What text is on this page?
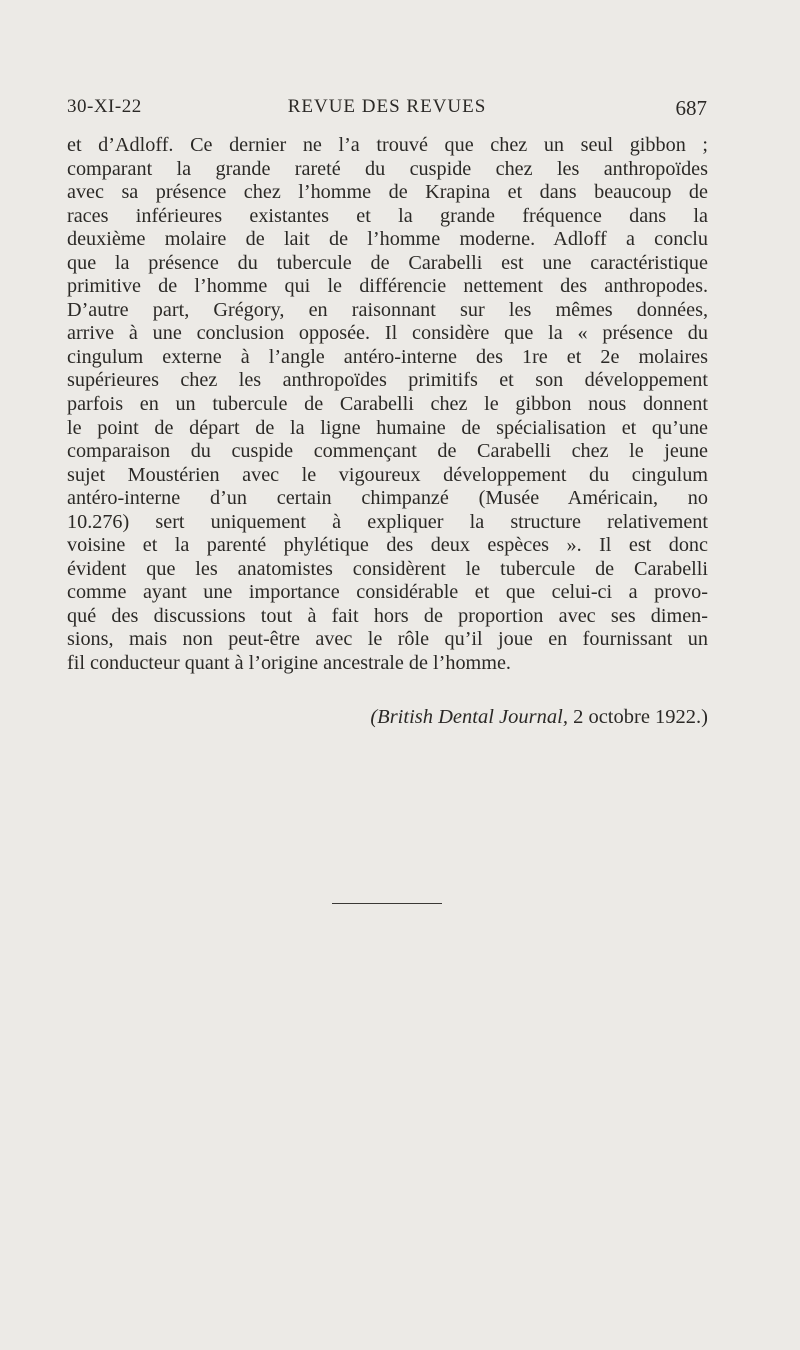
30-XI-22	REVUE DES REVUES	687
et d’Adloff. Ce dernier ne l’a trouvé que chez un seul gibbon ;
comparant la grande rareté du cuspide chez les anthropoïdes
avec sa présence chez l’homme de Krapina et dans beaucoup de
races inférieures existantes et la grande fréquence dans la
deuxième molaire de lait de l’homme moderne. Adloff a conclu
que la présence du tubercule de Carabelli est une caractéristique
primitive de l’homme qui le différencie nettement des anthropodes.
D’autre part, Grégory, en raisonnant sur les mêmes données,
arrive à une conclusion opposée. Il considère que la « présence du
cingulum externe à l’angle antéro-interne des 1re et 2e molaires
supérieures chez les anthropoïdes primitifs et son développement
parfois en un tubercule de Carabelli chez le gibbon nous donnent
le point de départ de la ligne humaine de spécialisation et qu’une
comparaison du cuspide commençant de Carabelli chez le jeune
sujet Moustérien avec le vigoureux développement du cingulum
antéro-interne d’un certain chimpanzé (Musée Américain, no
10.276) sert uniquement à expliquer la structure relativement
voisine et la parenté phylétique des deux espèces ». Il est donc
évident que les anatomistes considèrent le tubercule de Carabelli
comme ayant une importance considérable et que celui-ci a provo-
qué des discussions tout à fait hors de proportion avec ses dimen-
sions, mais non peut-être avec le rôle qu’il joue en fournissant un
fil conducteur quant à l’origine ancestrale de l’homme.
(British Dental Journal, 2 octobre 1922.)
